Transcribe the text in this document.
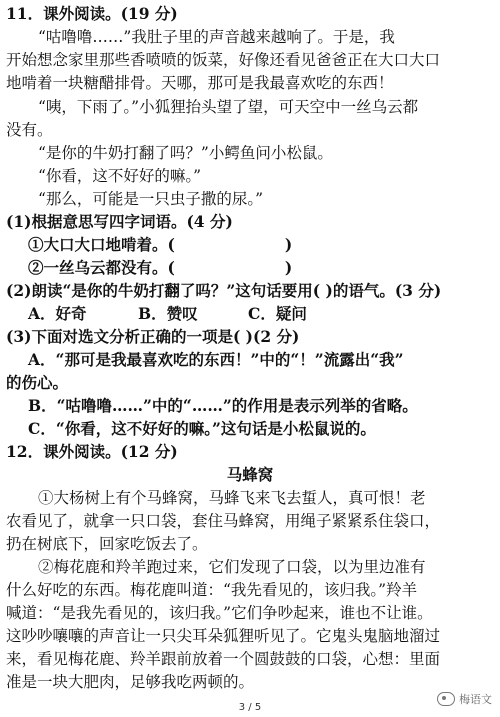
11．课外阅读。(19 分)
“咕噜噜……”我肚子里的声音越来越响了。于是，我
开始想念家里那些香喷喷的饭菜，好像还看见爸爸正在大口大口
地啃着一块糖醋排骨。天哪，那可是我最喜欢吃的东西！
“咦，下雨了。”小狐狸抬头望了望，可天空中一丝乌云都
没有。
“是你的牛奶打翻了吗？”小鳄鱼问小松鼠。
“你看，这不好好的嘛。”
“那么，可能是一只虫子撒的尿。”
(1)根据意思写四字词语。(4 分)
①大口大口地啃着。(	)
②一丝乌云都没有。(	)
(2)朗读“是你的牛奶打翻了吗？”这句话要用( )的语气。(3 分)
A．好奇	B．赞叹	C．疑问
(3)下面对选文分析正确的一项是( )(2 分)
A．“那可是我最喜欢吃的东西！”中的“！”流露出“我”
的伤心。
B．“咕噜噜……”中的“……”的作用是表示列举的省略。
C．“你看，这不好好的嘛。”这句话是小松鼠说的。
12．课外阅读。(12 分)
马蜂窝
①大杨树上有个马蜂窝，马蜂飞来飞去蜇人，真可恨！老
农看见了，就拿一只口袋，套住马蜂窝，用绳子紧紧系住袋口，
扔在树底下，回家吃饭去了。
②梅花鹿和羚羊跑过来，它们发现了口袋，以为里边准有
什么好吃的东西。梅花鹿叫道：“我先看见的，该归我。”羚羊
喊道：“是我先看见的，该归我。”它们争吵起来，谁也不让谁。
这吵吵嚷嚷的声音让一只尖耳朵狐狸听见了。它鬼头鬼脑地溜过
来，看见梅花鹿、羚羊跟前放着一个圆鼓鼓的口袋，心想：里面
准是一块大肥肉，足够我吃两顿的。
3 / 5
梅语文
